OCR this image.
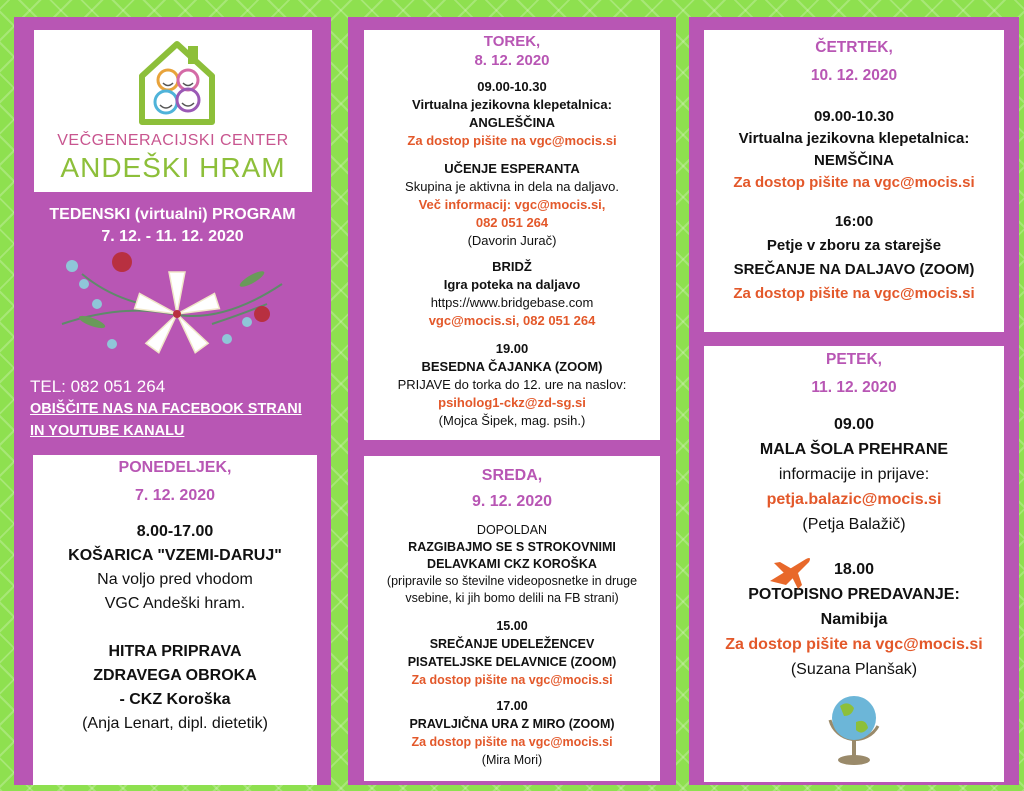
VEČGENERACIJSKI CENTER
ANDEŠKI HRAM
TEDENSKI (virtualni) PROGRAM
7. 12. - 11. 12. 2020
TEL: 082 051 264
OBIŠČITE NAS NA FACEBOOK STRANI
IN YOUTUBE KANALU
PONEDELJEK,
7. 12. 2020
8.00-17.00
KOŠARICA "VZEMI-DARUJ"
Na voljo pred vhodom
VGC Andeški hram.
HITRA PRIPRAVA
ZDRAVEGA OBROKA
- CKZ Koroška
(Anja Lenart, dipl. dietetik)
TOREK,
8. 12. 2020
09.00-10.30
Virtualna jezikovna klepetalnica:
ANGLEŠČINA
Za dostop pišite na vgc@mocis.si
UČENJE ESPERANTA
Skupina je aktivna in dela na daljavo.
Več informacij: vgc@mocis.si,
082 051 264
(Davorin Jurač)
BRIDŽ
Igra poteka na daljavo
https://www.bridgebase.com
vgc@mocis.si, 082 051 264
19.00
BESEDNA ČAJANKA (ZOOM)
PRIJAVE do torka do 12. ure na naslov:
psiholog1-ckz@zd-sg.si
(Mojca Šipek, mag. psih.)
SREDA,
9. 12. 2020
DOPOLDAN
RAZGIBAJMO SE S STROKOVNIMI
DELAVKAMI CKZ KOROŠKA
(pripravile so številne videoposnetke in druge
vsebine, ki jih bomo delili na FB strani)
15.00
SREČANJE UDELEŽENCEV
PISATELJSKE DELAVNICE (ZOOM)
Za dostop pišite na vgc@mocis.si
17.00
PRAVLJIČNA URA Z MIRO (ZOOM)
Za dostop pišite na vgc@mocis.si
(Mira Mori)
ČETRTEK,
10. 12. 2020
09.00-10.30
Virtualna jezikovna klepetalnica:
NEMŠČINA
Za dostop pišite na vgc@mocis.si
16:00
Petje v zboru za starejše
SREČANJE NA DALJAVO (ZOOM)
Za dostop pišite na vgc@mocis.si
PETEK,
11. 12. 2020
09.00
MALA ŠOLA PREHRANE
informacije in prijave:
petja.balazic@mocis.si
(Petja Balažič)
18.00
POTOPISNO PREDAVANJE:
Namibija
Za dostop pišite na vgc@mocis.si
(Suzana Planšak)
